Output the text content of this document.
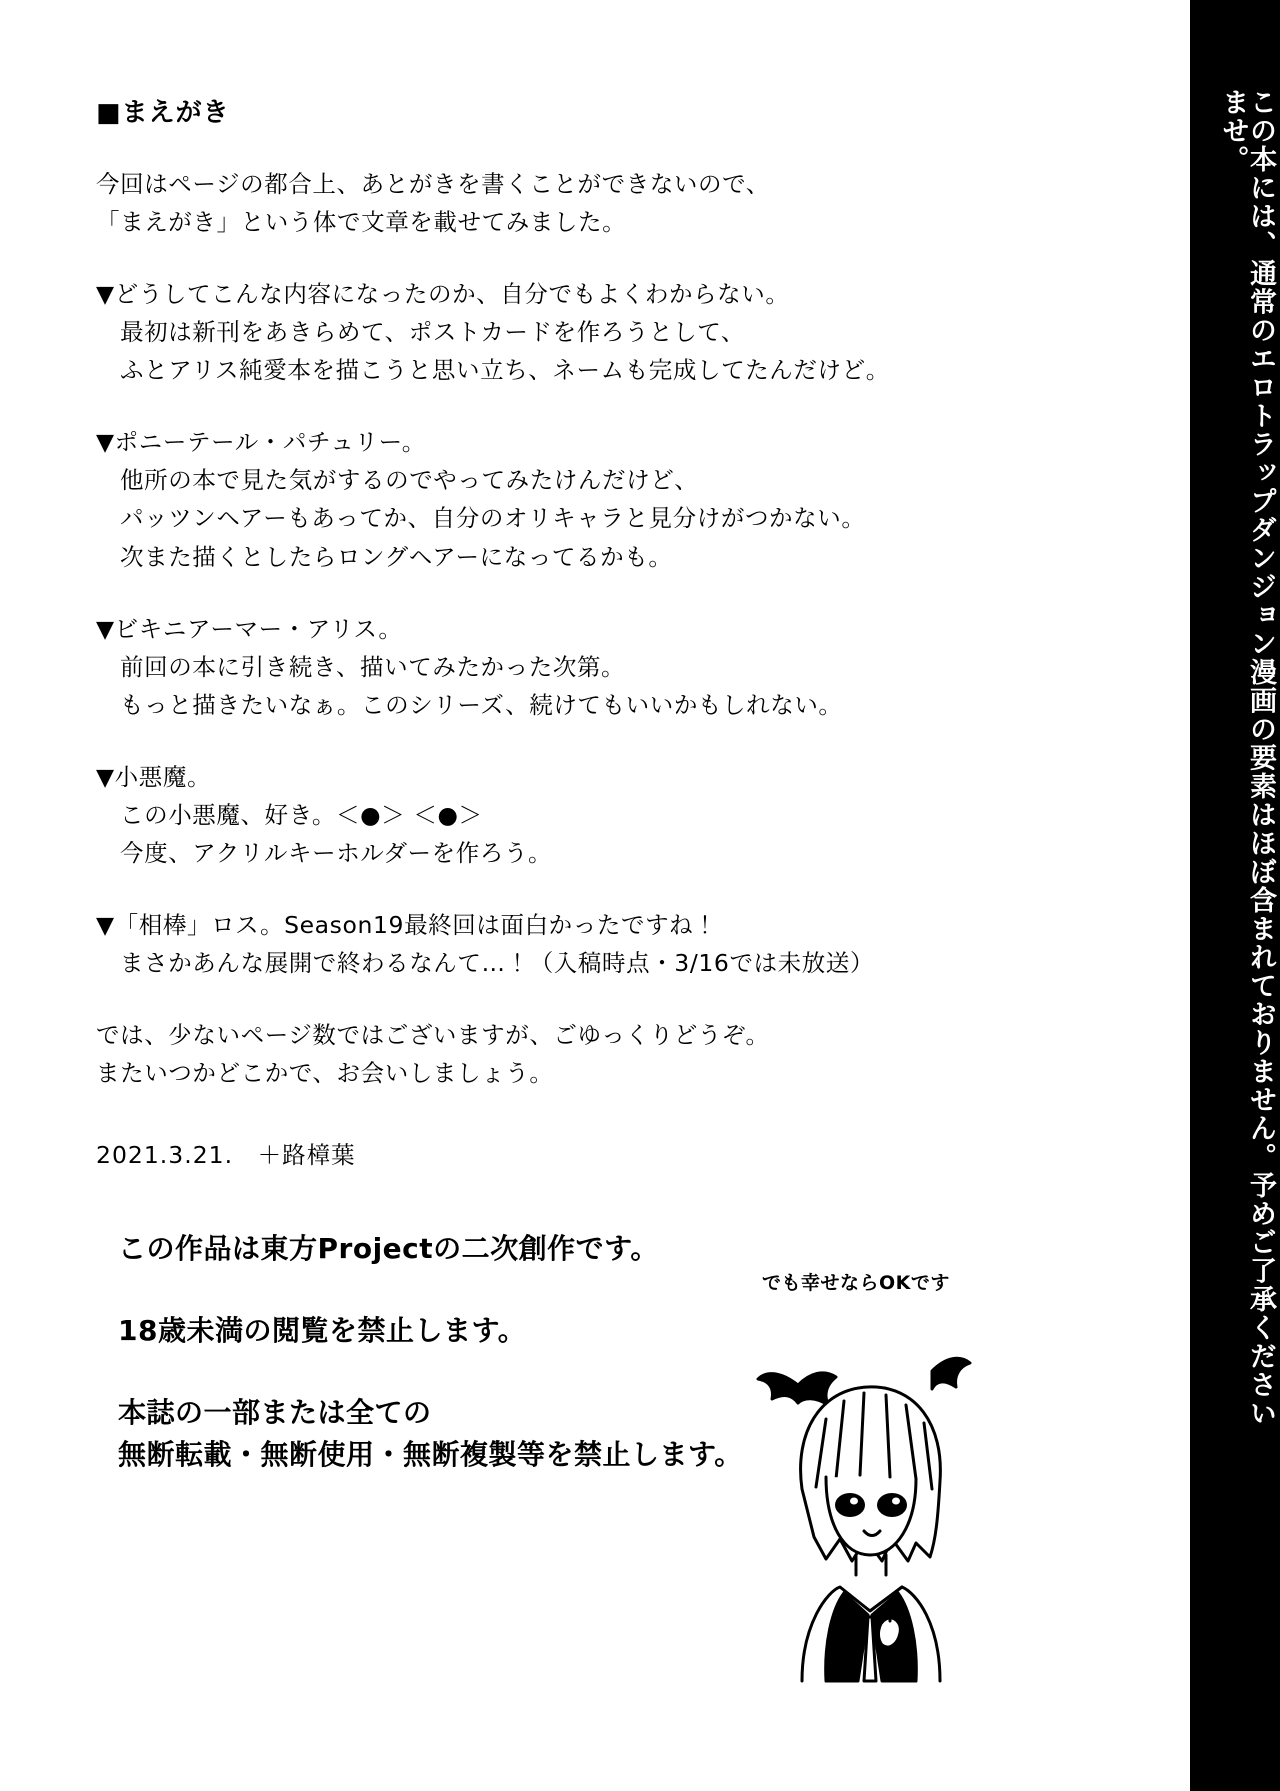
この本には、通常のエロトラップダンジョン漫画の要素はほぼ含まれておりません。予めご了承くださいませ。
■まえがき
今回はページの都合上、あとがきを書くことができないので、
「まえがき」という体で文章を載せてみました。
▼どうしてこんな内容になったのか、自分でもよくわからない。
最初は新刊をあきらめて、ポストカードを作ろうとして、
ふとアリス純愛本を描こうと思い立ち、ネームも完成してたんだけど。
▼ポニーテール・パチュリー。
他所の本で見た気がするのでやってみたけんだけど、
パッツンヘアーもあってか、自分のオリキャラと見分けがつかない。
次また描くとしたらロングヘアーになってるかも。
▼ビキニアーマー・アリス。
前回の本に引き続き、描いてみたかった次第。
もっと描きたいなぁ。このシリーズ、続けてもいいかもしれない。
▼小悪魔。
この小悪魔、好き。＜●＞ ＜●＞
今度、アクリルキーホルダーを作ろう。
▼「相棒」ロス。Season19最終回は面白かったですね！
まさかあんな展開で終わるなんて…！（入稿時点・3/16では未放送）
では、少ないページ数ではございますが、ごゆっくりどうぞ。
またいつかどこかで、お会いしましょう。
2021.3.21.　＋路樟葉
この作品は東方Projectの二次創作です。
18歳未満の閲覧を禁止します。
本誌の一部または全ての
無断転載・無断使用・無断複製等を禁止します。
でも幸せならOKです
